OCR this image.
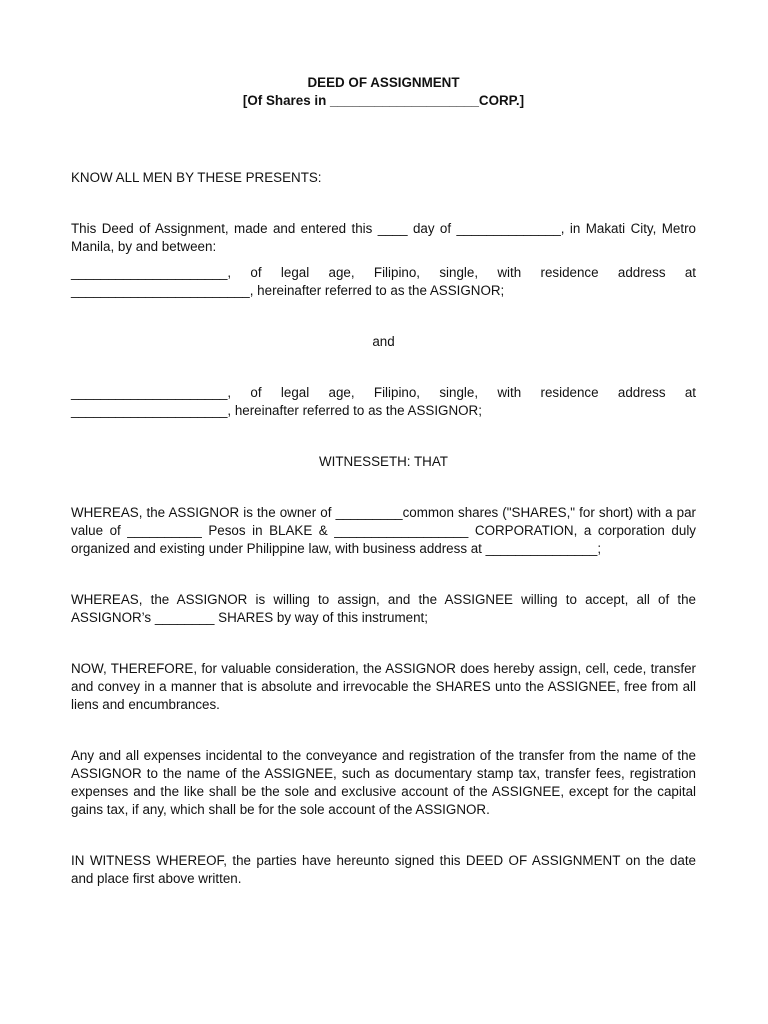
DEED OF ASSIGNMENT
[Of Shares in ____________________CORP.]

KNOW ALL MEN BY THESE PRESENTS:

This Deed of Assignment, made and entered this ____ day of ______________, in Makati City, Metro Manila, by and between:

_____________________, of legal age, Filipino, single, with residence address at ________________________, hereinafter referred to as the ASSIGNOR;

and

_____________________, of legal age, Filipino, single, with residence address at _____________________, hereinafter referred to as the ASSIGNOR;

WITNESSETH: THAT

WHEREAS, the ASSIGNOR is the owner of _________common shares ("SHARES," for short) with a par value of __________ Pesos in BLAKE & __________________ CORPORATION, a corporation duly organized and existing under Philippine law, with business address at _______________;

WHEREAS, the ASSIGNOR is willing to assign, and the ASSIGNEE willing to accept, all of the ASSIGNOR’s ________ SHARES by way of this instrument;

NOW, THEREFORE, for valuable consideration, the ASSIGNOR does hereby assign, cell, cede, transfer and convey in a manner that is absolute and irrevocable the SHARES unto the ASSIGNEE, free from all liens and encumbrances.

Any and all expenses incidental to the conveyance and registration of the transfer from the name of the ASSIGNOR to the name of the ASSIGNEE, such as documentary stamp tax, transfer fees, registration expenses and the like shall be the sole and exclusive account of the ASSIGNEE, except for the capital gains tax, if any, which shall be for the sole account of the ASSIGNOR.

IN WITNESS WHEREOF, the parties have hereunto signed this DEED OF ASSIGNMENT on the date and place first above written.
